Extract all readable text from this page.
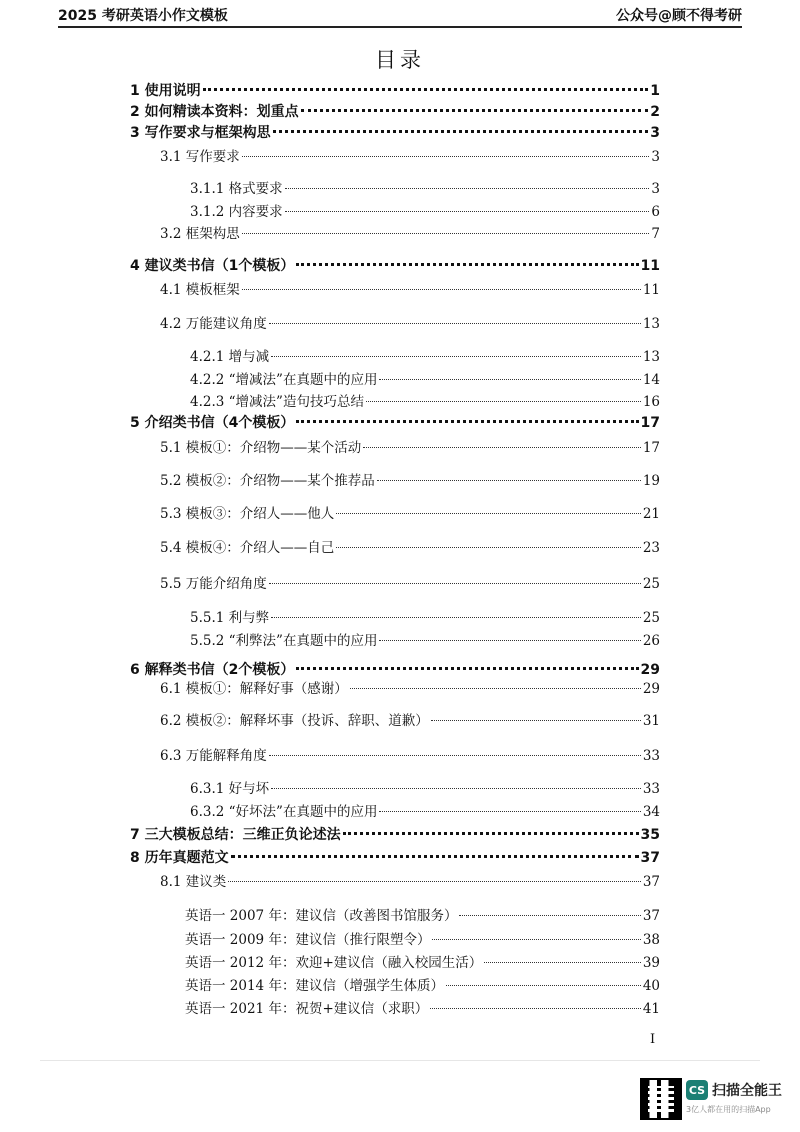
2025 考研英语小作文模板	公众号@顾不得考研
目录
1 使用说明	1
2 如何精读本资料：划重点	2
3 写作要求与框架构思	3
3.1 写作要求	3
3.1.1 格式要求	3
3.1.2 内容要求	6
3.2 框架构思	7
4 建议类书信（1个模板）	11
4.1 模板框架	11
4.2 万能建议角度	13
4.2.1 增与减	13
4.2.2 “增减法”在真题中的应用	14
4.2.3 “增减法”造句技巧总结	16
5 介绍类书信（4个模板）	17
5.1 模板①：介绍物——某个活动	17
5.2 模板②：介绍物——某个推荐品	19
5.3 模板③：介绍人——他人	21
5.4 模板④：介绍人——自己	23
5.5 万能介绍角度	25
5.5.1 利与弊	25
5.5.2 “利弊法”在真题中的应用	26
6 解释类书信（2个模板）	29
6.1 模板①：解释好事（感谢）	29
6.2 模板②：解释坏事（投诉、辞职、道歉）	31
6.3 万能解释角度	33
6.3.1 好与坏	33
6.3.2 “好坏法”在真题中的应用	34
7 三大模板总结：三维正负论述法	35
8 历年真题范文	37
8.1 建议类	37
英语一 2007 年：建议信（改善图书馆服务）	37
英语一 2009 年：建议信（推行限塑令）	38
英语一 2012 年：欢迎+建议信（融入校园生活）	39
英语一 2014 年：建议信（增强学生体质）	40
英语一 2021 年：祝贺+建议信（求职）	41
I
CS 扫描全能王
3亿人都在用的扫描App
